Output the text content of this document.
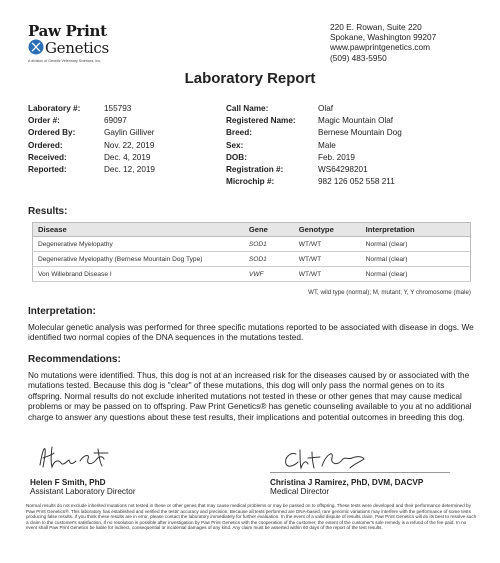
Paw Print
Genetics
A division of Genetic Veterinary Sciences, Inc.
220 E. Rowan, Suite 220
Spokane, Washington 99207
www.pawprintgenetics.com
(509) 483-5950
Laboratory Report
Laboratory #:	155793
Order #:	69097
Ordered By:	Gaylin Gilliver
Ordered:	Nov. 22, 2019
Received:	Dec. 4, 2019
Reported:	Dec. 12, 2019
Call Name:	Olaf
Registered Name:	Magic Mountain Olaf
Breed:	Bernese Mountain Dog
Sex:	Male
DOB:	Feb. 2019
Registration #:	WS64298201
Microchip #:	982 126 052 558 211
Results:
Disease	Gene	Genotype	Interpretation
Degenerative Myelopathy	SOD1	WT/WT	Normal (clear)
Degenerative Myelopathy (Bernese Mountain Dog Type)	SOD1	WT/WT	Normal (clear)
Von Willebrand Disease I	VWF	WT/WT	Normal (clear)
WT, wild type (normal); M, mutant; Y, Y chromosome (male)
Interpretation:
Molecular genetic analysis was performed for three specific mutations reported to be associated with disease in dogs. We identified two normal copies of the DNA sequences in the mutations tested.
Recommendations:
No mutations were identified. Thus, this dog is not at an increased risk for the diseases caused by or associated with the mutations tested. Because this dog is "clear" of these mutations, this dog will only pass the normal genes on to its offspring. Normal results do not exclude inherited mutations not tested in these or other genes that may cause medical problems or may be passed on to offspring. Paw Print Genetics® has genetic counseling available to you at no additional charge to answer any questions about these test results, their implications and potential outcomes in breeding this dog.
Helen F Smith, PhD
Assistant Laboratory Director
Christina J Ramirez, PhD, DVM, DACVP
Medical Director
Normal results do not exclude inherited mutations not tested in these or other genes that may cause medical problems or may be passed on to offspring. These tests were developed and their performance determined by Paw Print Genetics®. This laboratory has established and verified the tests' accuracy and precision. Because all tests performed are DNA-based, rare genomic variations may interfere with the performance of some tests producing false results. If you think these results are in error, please contact the laboratory immediately for further evaluation. In the event of a valid dispute of results claim, Paw Print Genetics will do its best to resolve such a claim to the customer's satisfaction. If no resolution is possible after investigation by Paw Print Genetics with the cooperation of the customer, the extent of the customer's sole remedy is a refund of the fee paid. In no event shall Paw Print Genetics be liable for indirect, consequential or incidental damages of any kind. Any claim must be asserted within 60 days of the report of the test results.
